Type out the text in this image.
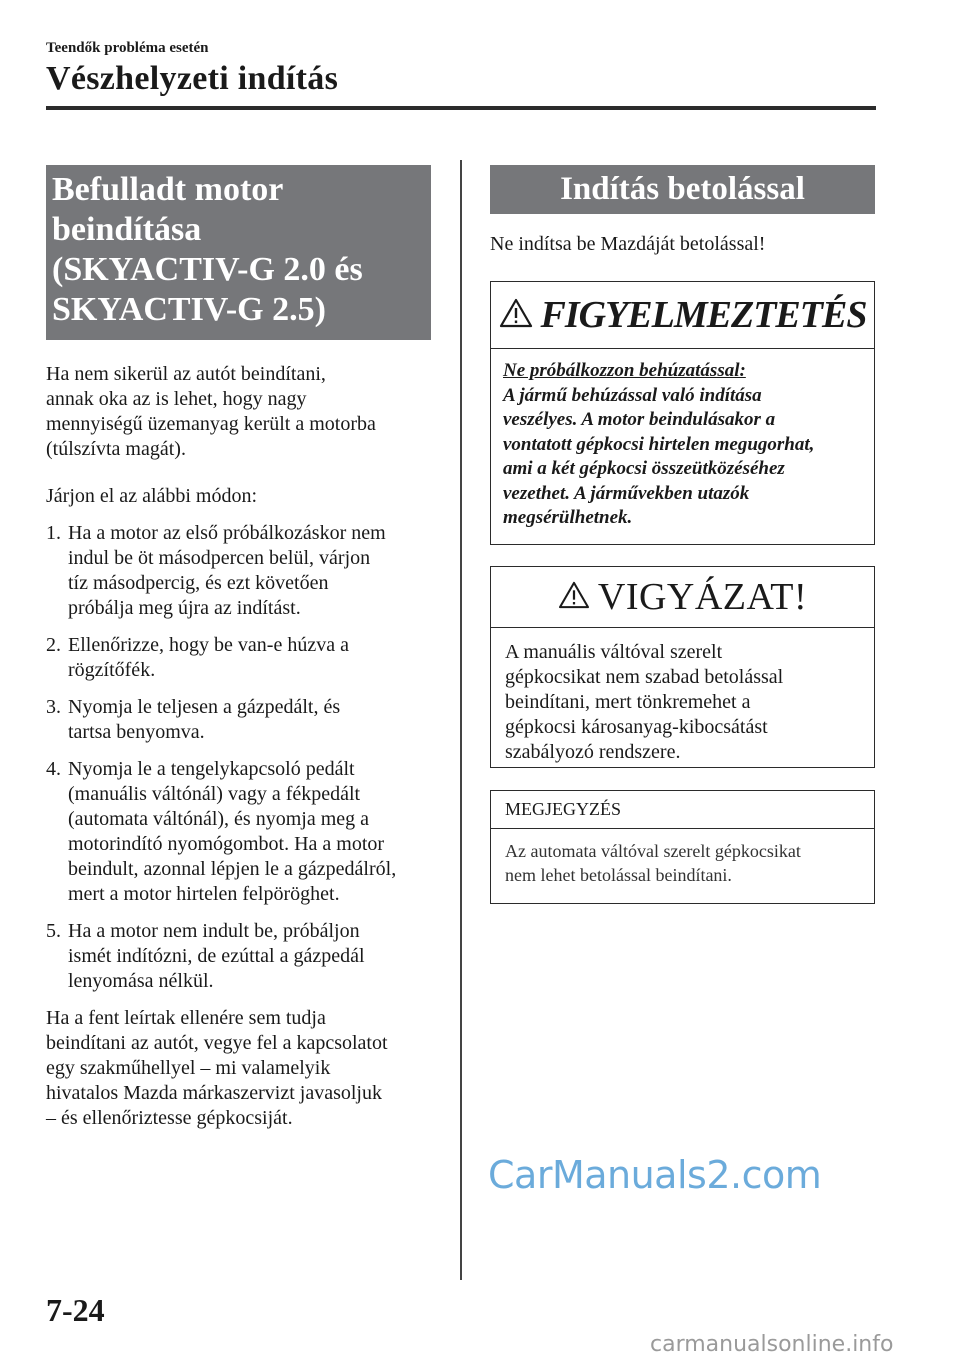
Teendők probléma esetén
Vészhelyzeti indítás
Befulladt motor beindítása
(SKYACTIV-G 2.0 és
SKYACTIV-G 2.5)

Ha nem sikerül az autót beindítani,
annak oka az is lehet, hogy nagy
mennyiségű üzemanyag került a motorba
(túlszívta magát).

Járjon el az alábbi módon:

1. Ha a motor az első próbálkozáskor nem
indul be öt másodpercen belül, várjon
tíz másodpercig, és ezt követően
próbálja meg újra az indítást.
2. Ellenőrizze, hogy be van-e húzva a
rögzítőfék.
3. Nyomja le teljesen a gázpedált, és
tartsa benyomva.
4. Nyomja le a tengelykapcsoló pedált
(manuális váltónál) vagy a fékpedált
(automata váltónál), és nyomja meg a
motorindító nyomógombot. Ha a motor
beindult, azonnal lépjen le a gázpedálról,
mert a motor hirtelen felpöröghet.
5. Ha a motor nem indult be, próbáljon
ismét indítózni, de ezúttal a gázpedál
lenyomása nélkül.

Ha a fent leírtak ellenére sem tudja
beindítani az autót, vegye fel a kapcsolatot
egy szakműhellyel – mi valamelyik
hivatalos Mazda márkaszervizt javasoljuk
– és ellenőriztesse gépkocsiját.

Indítás betolással

Ne indítsa be Mazdáját betolással!

FIGYELMEZTETÉS
Ne próbálkozzon behúzatással:
A jármű behúzással való indítása
veszélyes. A motor beindulásakor a
vontatott gépkocsi hirtelen megugorhat,
ami a két gépkocsi összeütközéséhez
vezethet. A járművekben utazók
megsérülhetnek.
VIGYÁZAT!
A manuális váltóval szerelt
gépkocsikat nem szabad betolással
beindítani, mert tönkremehet a
gépkocsi károsanyag-kibocsátást
szabályozó rendszere.
MEGJEGYZÉS
Az automata váltóval szerelt gépkocsikat
nem lehet betolással beindítani.
CarManuals2.com
7-24
carmanualsonline.info
